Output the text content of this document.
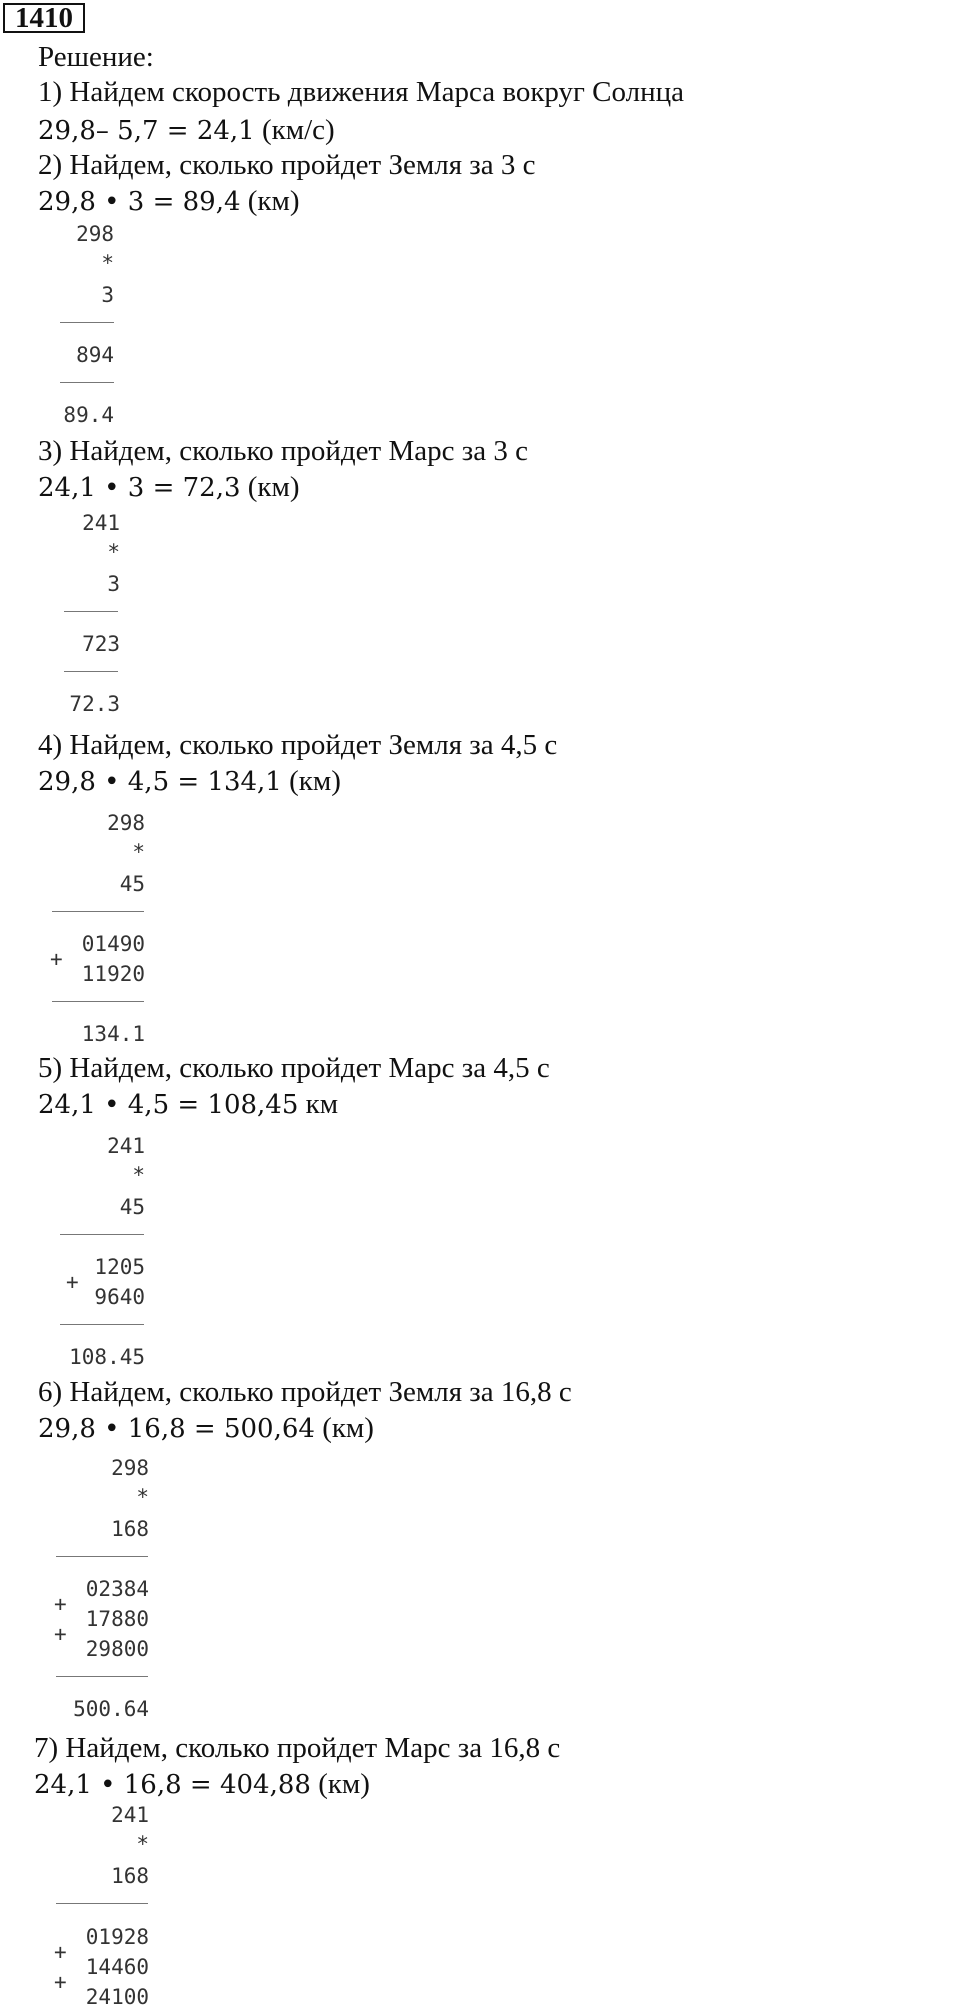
1410
Решение:
1) Найдем скорость движения Марса вокруг Солнца
29,8– 5,7 = 24,1 (км/с)
2) Найдем, сколько пройдет Земля за 3 с
29,8 • 3 = 89,4 (км)
298
*
3
894
89.4
3) Найдем, сколько пройдет Марс за 3 с
24,1 • 3 = 72,3 (км)
241
*
3
723
72.3
4) Найдем, сколько пройдет Земля за 4,5 с
29,8 • 4,5 = 134,1 (км)
298
*
45
01490
+
11920
134.1
5) Найдем, сколько пройдет Марс за 4,5 с
24,1 • 4,5 = 108,45 км
241
*
45
1205
+
9640
108.45
6) Найдем, сколько пройдет Земля за 16,8 с
29,8 • 16,8 = 500,64 (км)
298
*
168
02384
+
17880
+
29800
500.64
7) Найдем, сколько пройдет Марс за 16,8 с
24,1 • 16,8 = 404,88 (км)
241
*
168
01928
+
14460
+
24100
